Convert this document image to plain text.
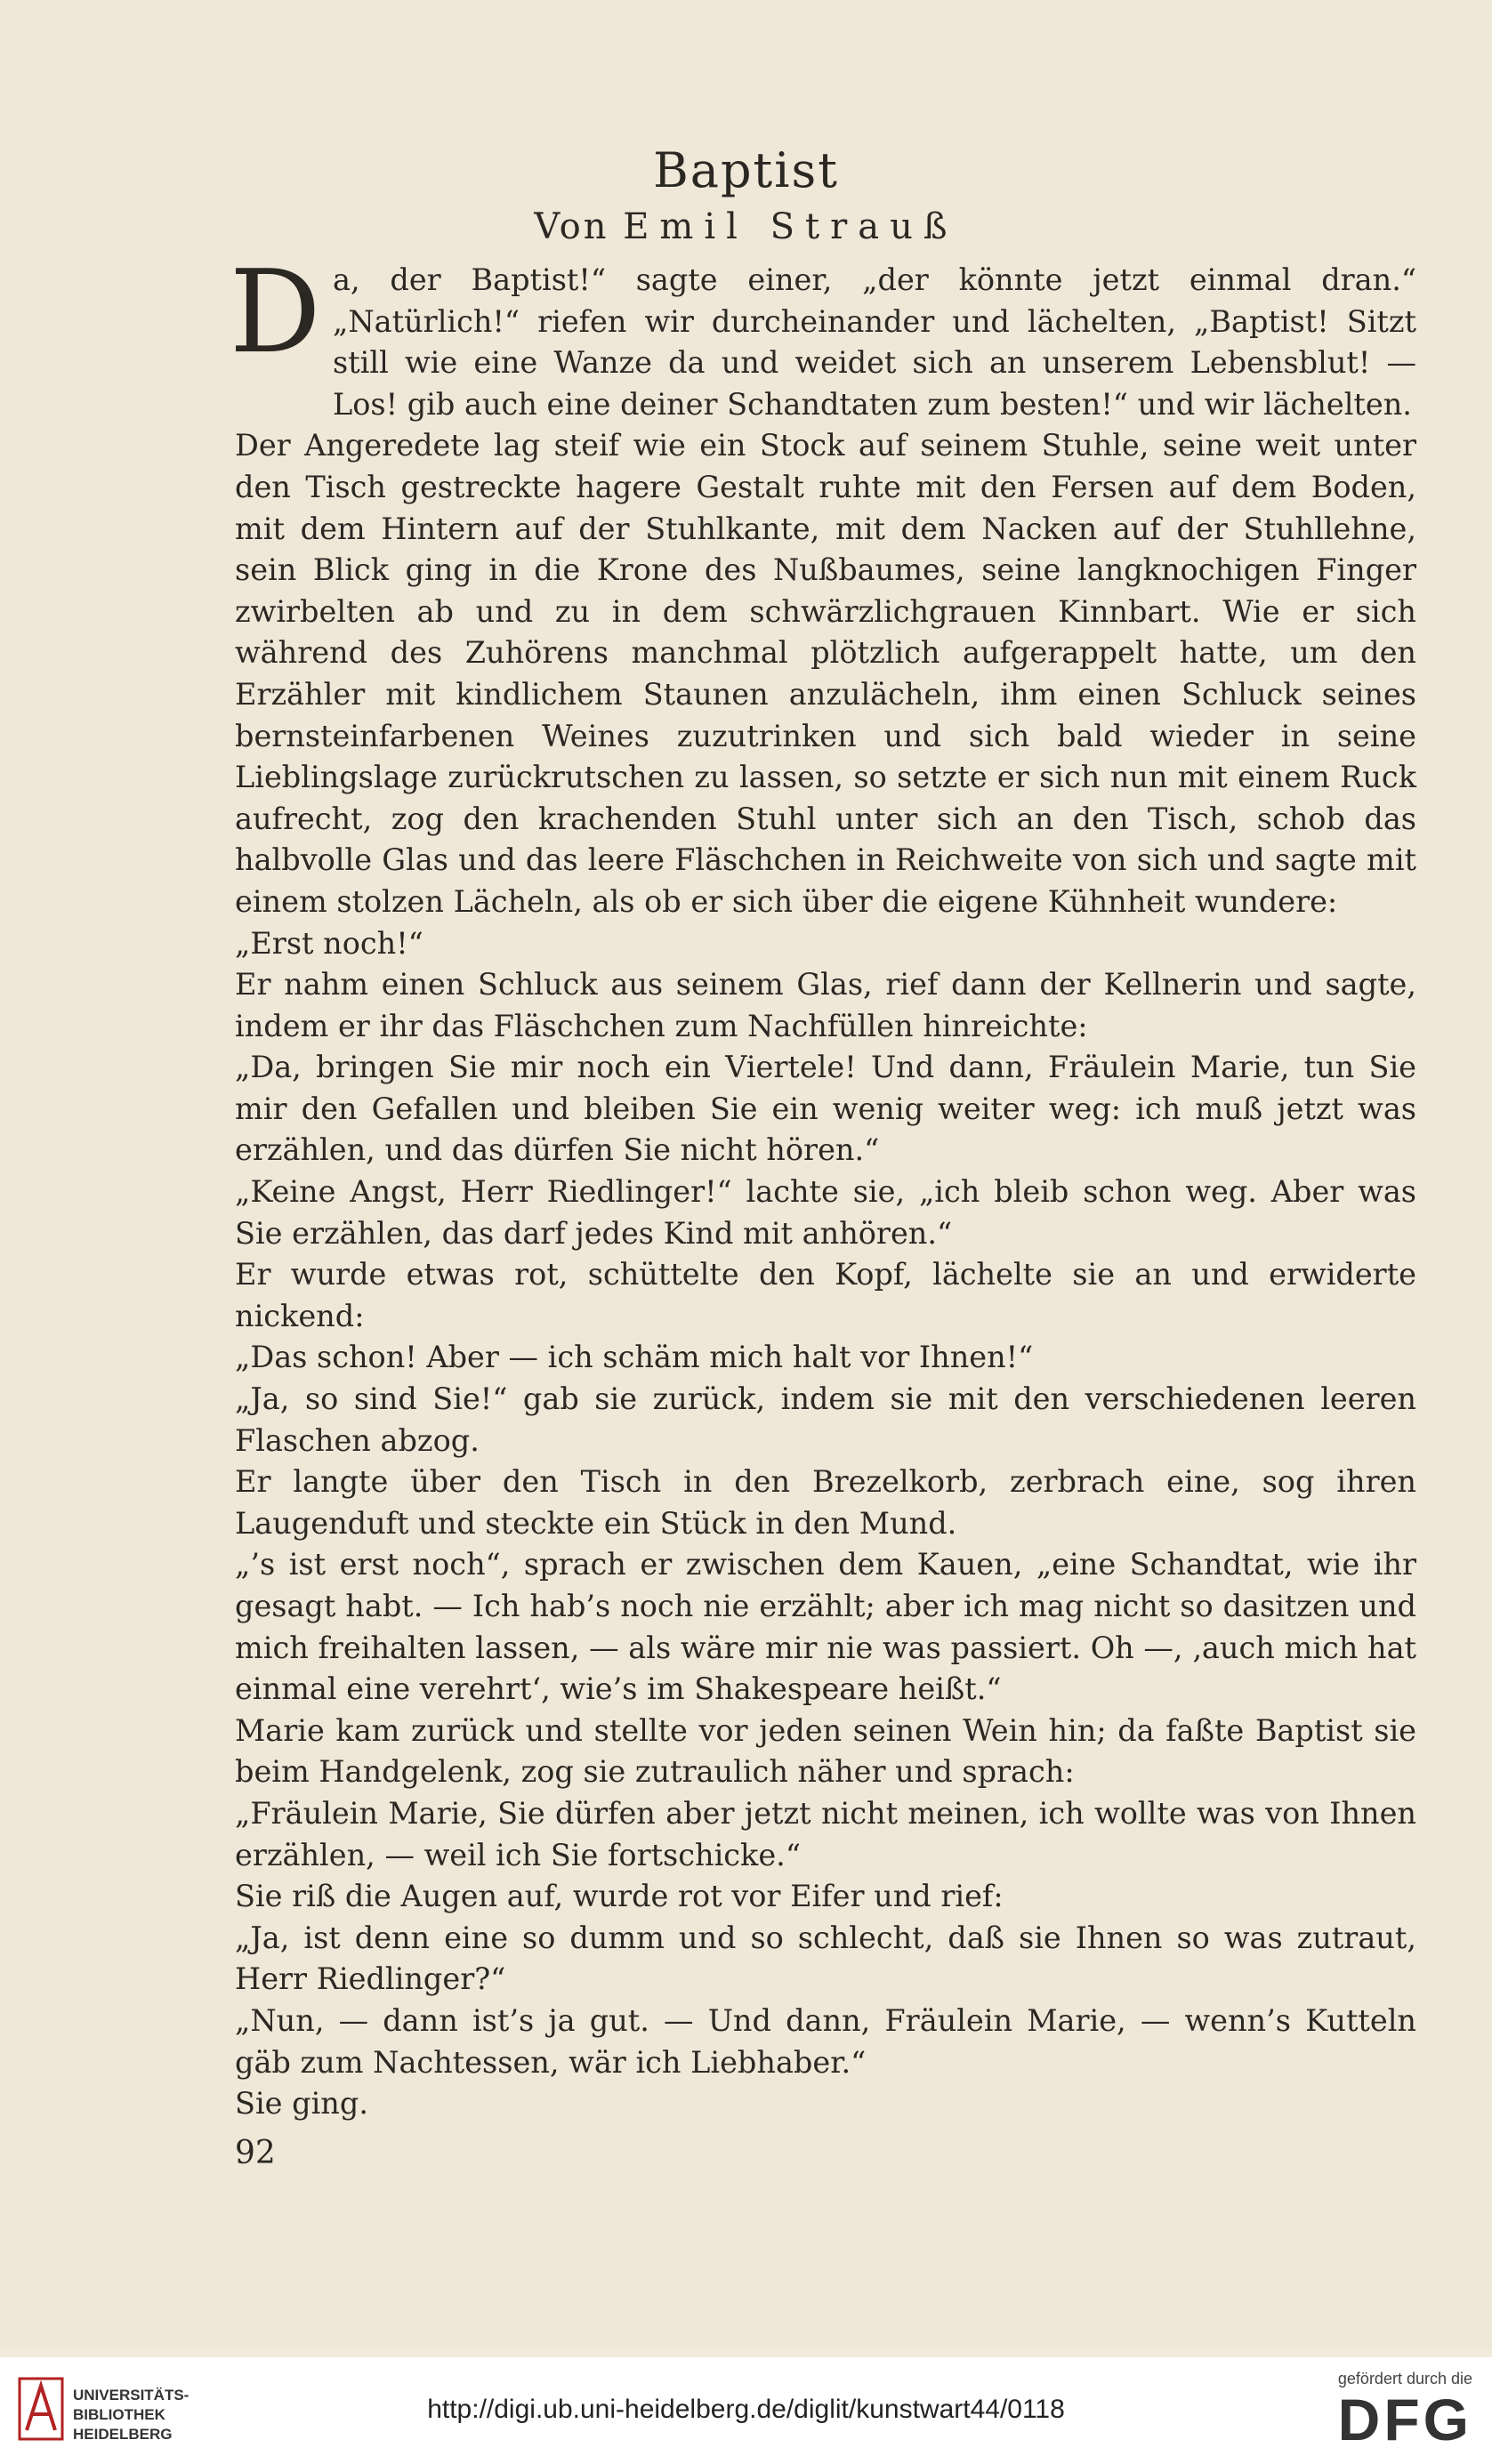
Baptist
Von Emil Strauß
D a, der Baptist!“ sagte einer, „der könnte jetzt einmal dran.“ „Natürlich!“ riefen wir durcheinander und lächelten, „Baptist! Sitzt still wie eine Wanze da und weidet sich an unserem Lebensblut! — Los! gib auch eine deiner Schandtaten zum besten!“ und wir lächelten.

Der Angeredete lag steif wie ein Stock auf seinem Stuhle, seine weit unter den Tisch gestreckte hagere Gestalt ruhte mit den Fersen auf dem Boden, mit dem Hintern auf der Stuhlkante, mit dem Nacken auf der Stuhllehne, sein Blick ging in die Krone des Nußbaumes, seine langknochigen Finger zwirbelten ab und zu in dem schwärzlichgrauen Kinnbart. Wie er sich während des Zuhörens manchmal plötzlich aufgerappelt hatte, um den Erzähler mit kindlichem Staunen anzulächeln, ihm einen Schluck seines bernsteinfarbenen Weines zuzutrinken und sich bald wieder in seine Lieblingslage zurückrutschen zu lassen, so setzte er sich nun mit einem Ruck aufrecht, zog den krachenden Stuhl unter sich an den Tisch, schob das halbvolle Glas und das leere Fläschchen in Reichweite von sich und sagte mit einem stolzen Lächeln, als ob er sich über die eigene Kühnheit wundere:

„Erst noch!“

Er nahm einen Schluck aus seinem Glas, rief dann der Kellnerin und sagte, indem er ihr das Fläschchen zum Nachfüllen hinreichte:

„Da, bringen Sie mir noch ein Viertele! Und dann, Fräulein Marie, tun Sie mir den Gefallen und bleiben Sie ein wenig weiter weg: ich muß jetzt was erzählen, und das dürfen Sie nicht hören.“

„Keine Angst, Herr Riedlinger!“ lachte sie, „ich bleib schon weg. Aber was Sie erzählen, das darf jedes Kind mit anhören.“

Er wurde etwas rot, schüttelte den Kopf, lächelte sie an und erwiderte nickend:

„Das schon! Aber — ich schäm mich halt vor Ihnen!“

„Ja, so sind Sie!“ gab sie zurück, indem sie mit den verschiedenen leeren Flaschen abzog.

Er langte über den Tisch in den Brezelkorb, zerbrach eine, sog ihren Laugenduft und steckte ein Stück in den Mund.

„’s ist erst noch“, sprach er zwischen dem Kauen, „eine Schandtat, wie ihr gesagt habt. — Ich hab’s noch nie erzählt; aber ich mag nicht so dasitzen und mich freihalten lassen, — als wäre mir nie was passiert. Oh —, ‚auch mich hat einmal eine verehrt‘, wie’s im Shakespeare heißt.“

Marie kam zurück und stellte vor jeden seinen Wein hin; da faßte Baptist sie beim Handgelenk, zog sie zutraulich näher und sprach:

„Fräulein Marie, Sie dürfen aber jetzt nicht meinen, ich wollte was von Ihnen erzählen, — weil ich Sie fortschicke.“

Sie riß die Augen auf, wurde rot vor Eifer und rief:

„Ja, ist denn eine so dumm und so schlecht, daß sie Ihnen so was zutraut, Herr Riedlinger?“

„Nun, — dann ist’s ja gut. — Und dann, Fräulein Marie, — wenn’s Kutteln gäb zum Nachtessen, wär ich Liebhaber.“

Sie ging.

92
UNIVERSITÄTS-
BIBLIOTHEK
HEIDELBERG
http://digi.ub.uni-heidelberg.de/diglit/kunstwart44/0118
gefördert durch die
DFG
